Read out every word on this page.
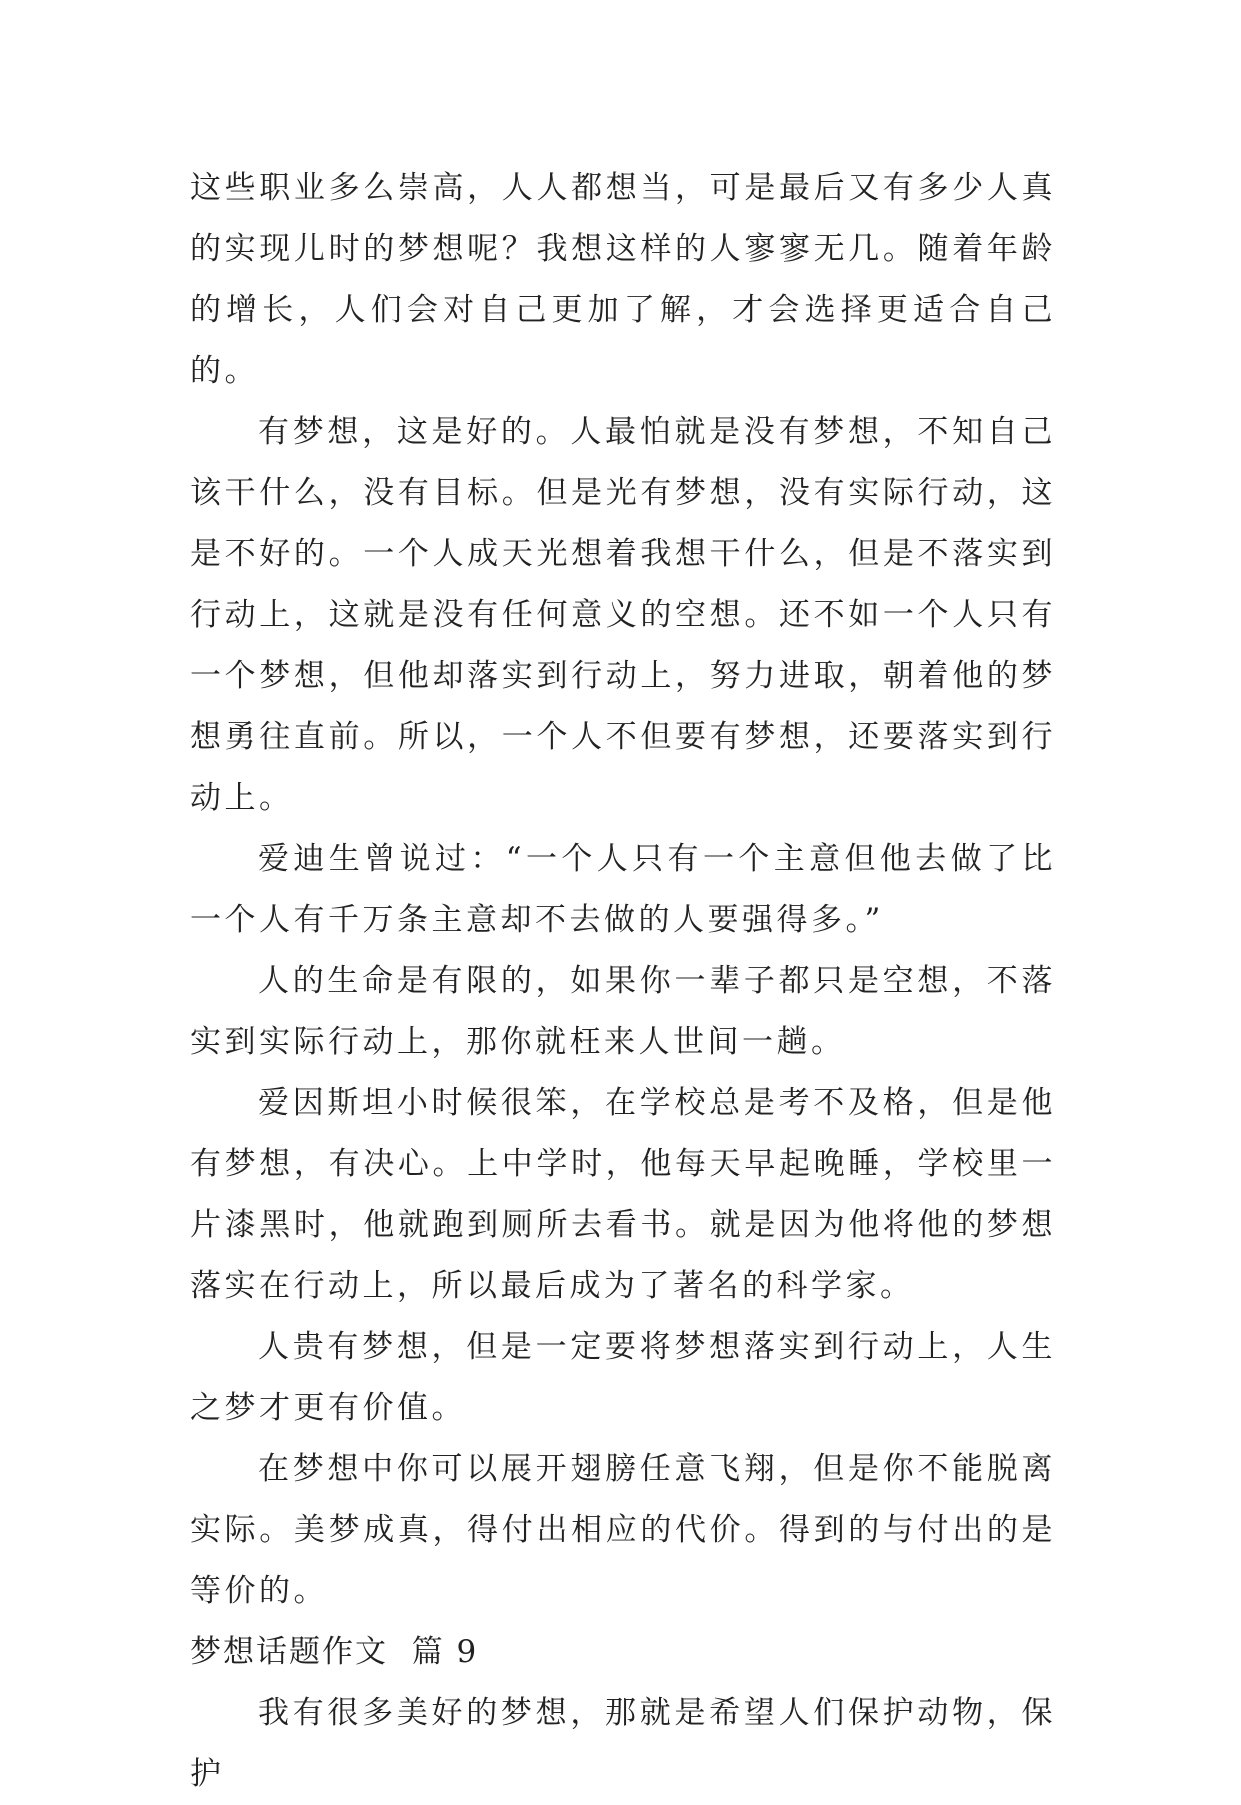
这些职业多么崇高，人人都想当，可是最后又有多少人真的实现儿时的梦想呢？我想这样的人寥寥无几。随着年龄的增长，人们会对自己更加了解，才会选择更适合自己的。

有梦想，这是好的。人最怕就是没有梦想，不知自己该干什么，没有目标。但是光有梦想，没有实际行动，这是不好的。一个人成天光想着我想干什么，但是不落实到行动上，这就是没有任何意义的空想。还不如一个人只有一个梦想，但他却落实到行动上，努力进取，朝着他的梦想勇往直前。所以，一个人不但要有梦想，还要落实到行动上。

爱迪生曾说过：“一个人只有一个主意但他去做了比一个人有千万条主意却不去做的人要强得多。”

人的生命是有限的，如果你一辈子都只是空想，不落实到实际行动上，那你就枉来人世间一趟。

爱因斯坦小时候很笨，在学校总是考不及格，但是他有梦想，有决心。上中学时，他每天早起晚睡，学校里一片漆黑时，他就跑到厕所去看书。就是因为他将他的梦想落实在行动上，所以最后成为了著名的科学家。

人贵有梦想，但是一定要将梦想落实到行动上，人生之梦才更有价值。

在梦想中你可以展开翅膀任意飞翔，但是你不能脱离实际。美梦成真，得付出相应的代价。得到的与付出的是等价的。

梦想话题作文  篇 9

我有很多美好的梦想，那就是希望人们保护动物，保护
